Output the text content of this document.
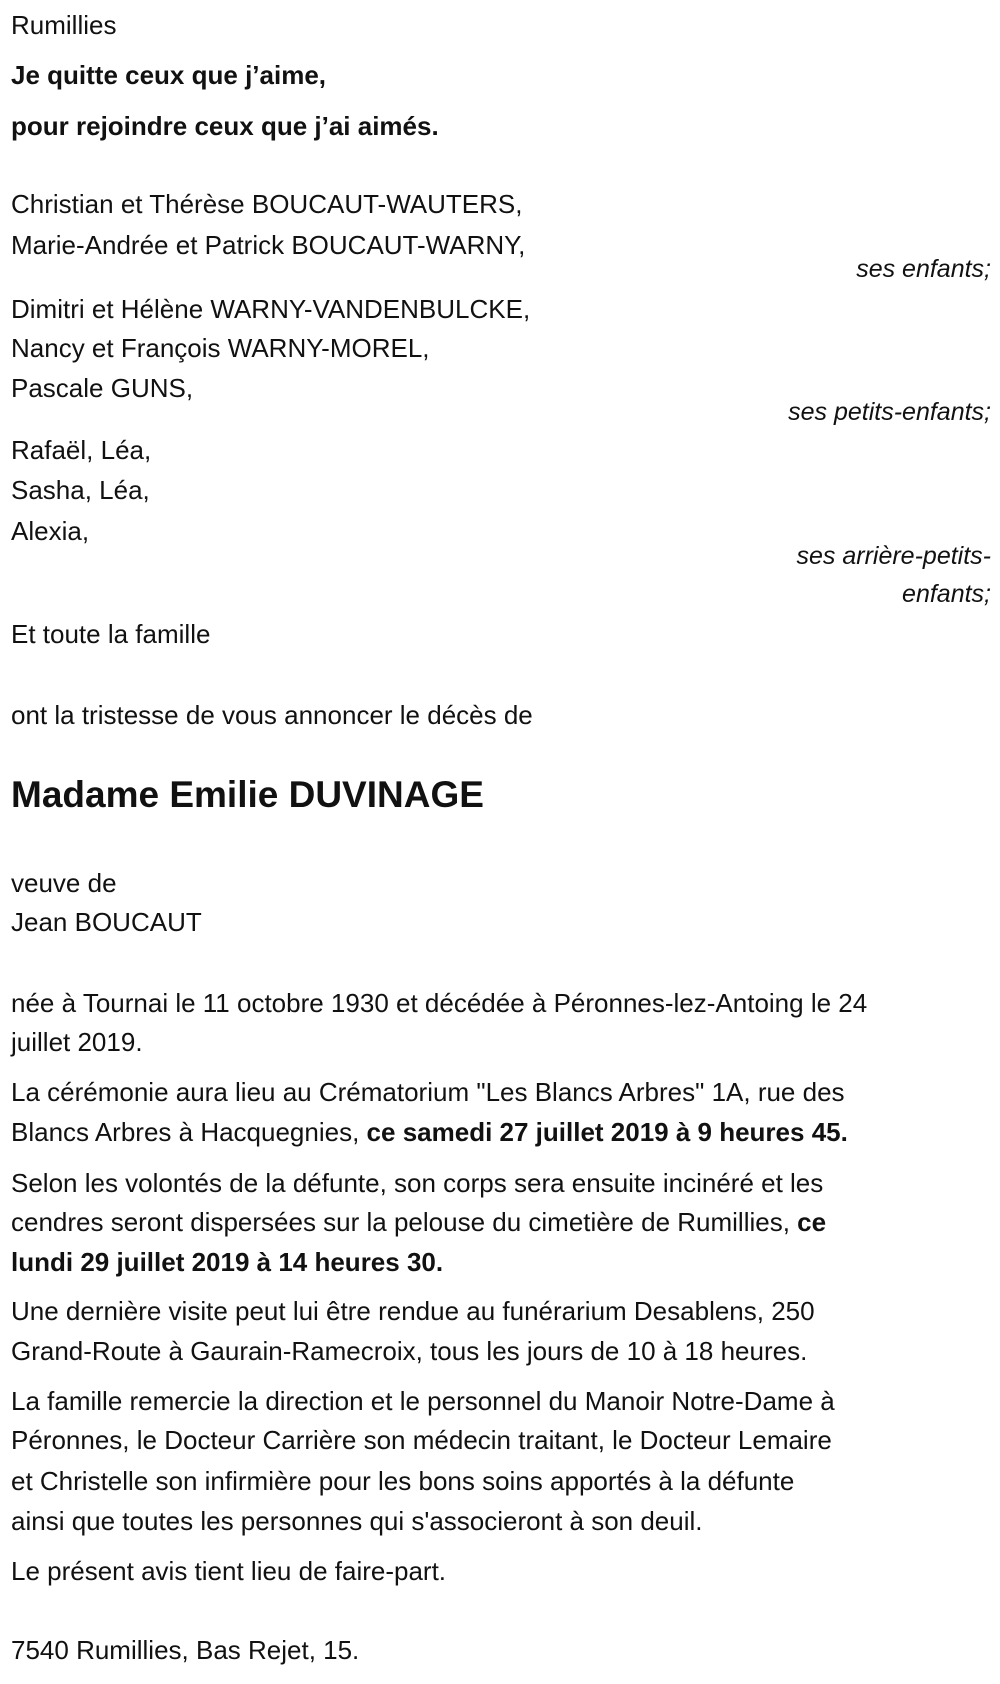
Rumillies
Je quitte ceux que j’aime,
pour rejoindre ceux que j’ai aimés.
Christian et Thérèse BOUCAUT-WAUTERS,
Marie-Andrée et Patrick BOUCAUT-WARNY,
ses enfants;
Dimitri et Hélène WARNY-VANDENBULCKE,
Nancy et François WARNY-MOREL,
Pascale GUNS,
ses petits-enfants;
Rafaël, Léa,
Sasha, Léa,
Alexia,
ses arrière-petits-
enfants;
Et toute la famille
ont la tristesse de vous annoncer le décès de
Madame Emilie DUVINAGE
veuve de
Jean BOUCAUT
née à Tournai le 11 octobre 1930 et décédée à Péronnes-lez-Antoing le 24
juillet 2019.
La cérémonie aura lieu au Crématorium "Les Blancs Arbres" 1A, rue des
Blancs Arbres à Hacquegnies, ce samedi 27 juillet 2019 à 9 heures 45.
Selon les volontés de la défunte, son corps sera ensuite incinéré et les
cendres seront dispersées sur la pelouse du cimetière de Rumillies, ce
lundi 29 juillet 2019 à 14 heures 30.
Une dernière visite peut lui être rendue au funérarium Desablens, 250
Grand-Route à Gaurain-Ramecroix, tous les jours de 10 à 18 heures.
La famille remercie la direction et le personnel du Manoir Notre-Dame à
Péronnes, le Docteur Carrière son médecin traitant, le Docteur Lemaire
et Christelle son infirmière pour les bons soins apportés à la défunte
ainsi que toutes les personnes qui s'associeront à son deuil.
Le présent avis tient lieu de faire-part.
7540 Rumillies, Bas Rejet, 15.
